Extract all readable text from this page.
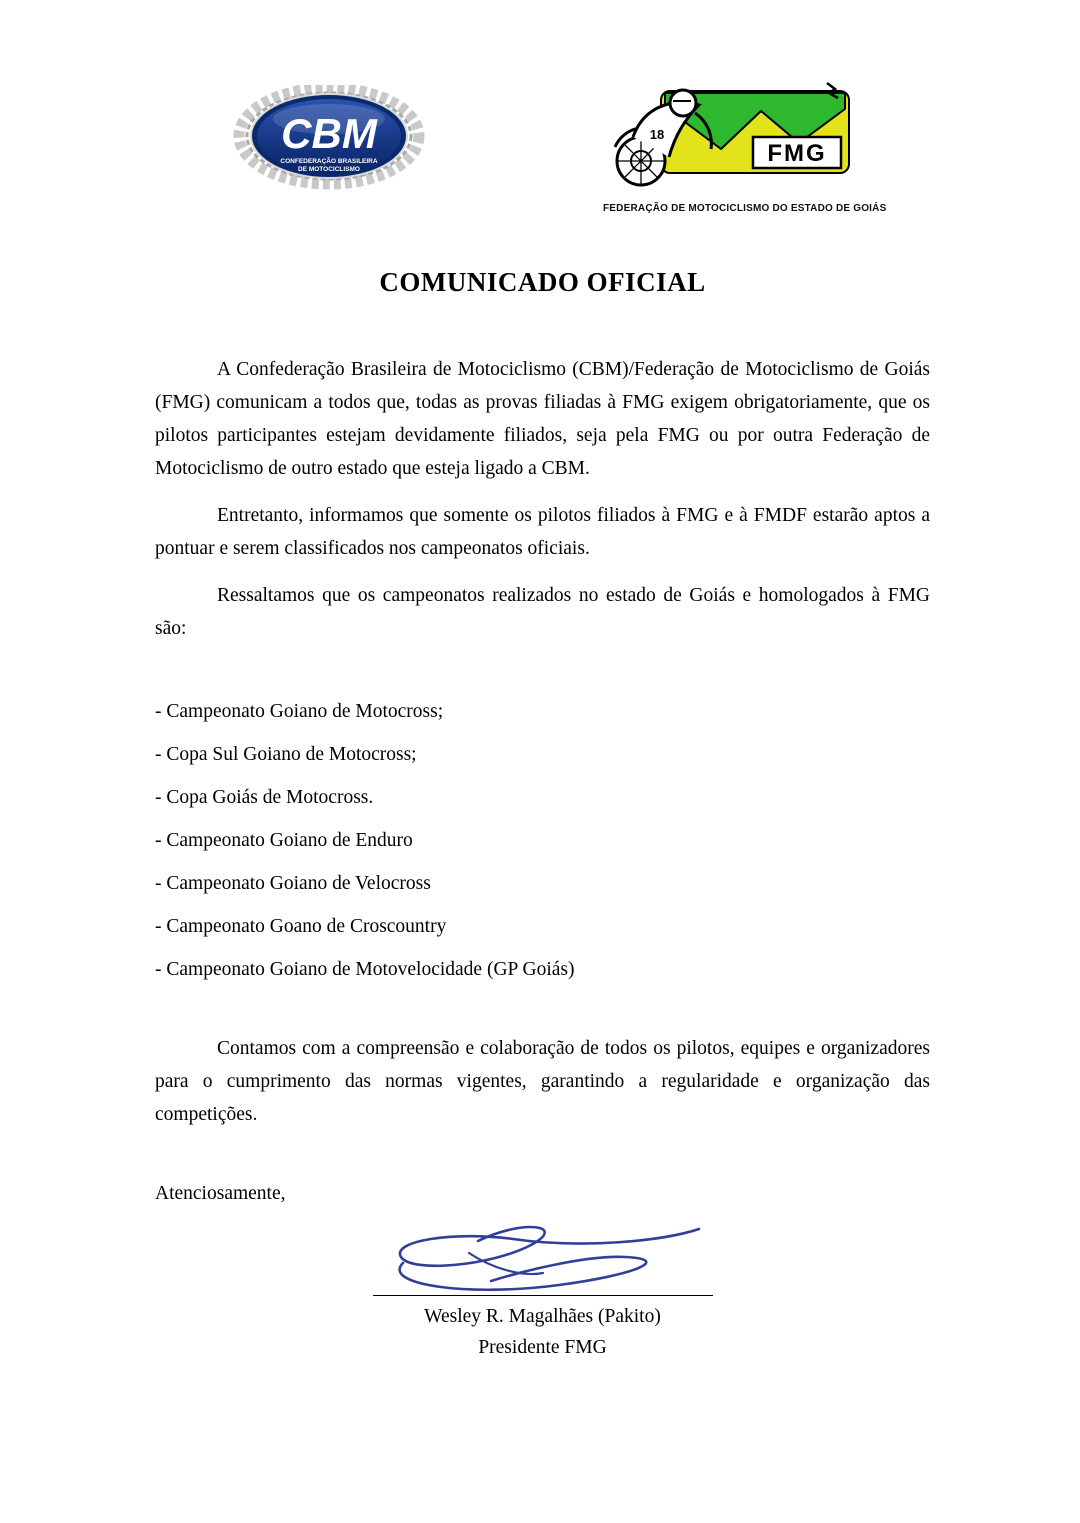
CBM
CONFEDERAÇÃO BRASILEIRA
DE MOTOCICLISMO
FMG
18
FEDERAÇÃO DE MOTOCICLISMO DO ESTADO DE GOIÁS
COMUNICADO OFICIAL

A Confederação Brasileira de Motociclismo (CBM)/Federação de Motociclismo de Goiás (FMG) comunicam a todos que, todas as provas filiadas à FMG exigem obrigatoriamente, que os pilotos participantes estejam devidamente filiados, seja pela FMG ou por outra Federação de Motociclismo de outro estado que esteja ligado a CBM.

Entretanto, informamos que somente os pilotos filiados à FMG e à FMDF estarão aptos a pontuar e serem classificados nos campeonatos oficiais.

Ressaltamos que os campeonatos realizados no estado de Goiás e homologados à FMG são:

- Campeonato Goiano de Motocross;
- Copa Sul Goiano de Motocross;
- Copa Goiás de Motocross.
- Campeonato Goiano de Enduro
- Campeonato Goiano de Velocross
- Campeonato Goano de Croscountry
- Campeonato Goiano de Motovelocidade (GP Goiás)

Contamos com a compreensão e colaboração de todos os pilotos, equipes e organizadores para o cumprimento das normas vigentes, garantindo a regularidade e organização das competições.

Atenciosamente,
Wesley R. Magalhães (Pakito)
Presidente FMG
